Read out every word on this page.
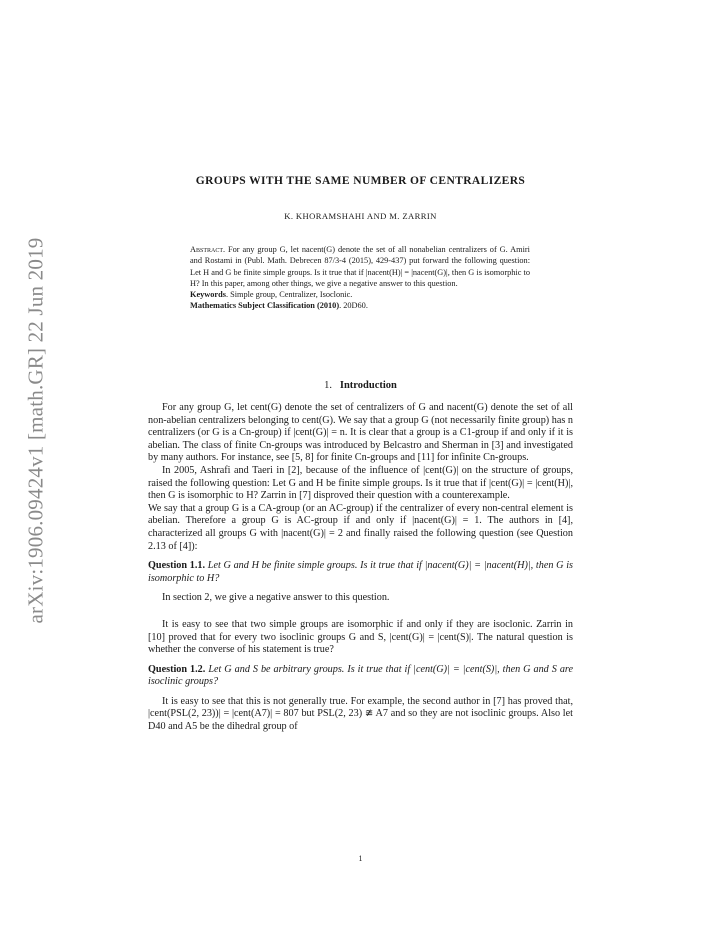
arXiv:1906.09424v1 [math.GR] 22 Jun 2019
GROUPS WITH THE SAME NUMBER OF CENTRALIZERS
K. KHORAMSHAHI AND M. ZARRIN

Abstract. For any group G, let nacent(G) denote the set of all nonabelian centralizers of G. Amiri and Rostami in (Publ. Math. Debrecen 87/3-4 (2015), 429-437) put forward the following question: Let H and G be finite simple groups. Is it true that if |nacent(H)| = |nacent(G)|, then G is isomorphic to H? In this paper, among other things, we give a negative answer to this question.

Keywords. Simple group, Centralizer, Isoclonic.

Mathematics Subject Classification (2010). 20D60.

1. Introduction

For any group G, let cent(G) denote the set of centralizers of G and nacent(G) denote the set of all non-abelian centralizers belonging to cent(G). We say that a group G (not necessarily finite group) has n centralizers (or G is a Cn-group) if |cent(G)| = n. It is clear that a group is a C1-group if and only if it is abelian. The class of finite Cn-groups was introduced by Belcastro and Sherman in [3] and investigated by many authors. For instance, see [5, 8] for finite Cn-groups and [11] for infinite Cn-groups.

In 2005, Ashrafi and Taeri in [2], because of the influence of |cent(G)| on the structure of groups, raised the following question: Let G and H be finite simple groups. Is it true that if |cent(G)| = |cent(H)|, then G is isomorphic to H? Zarrin in [7] disproved their question with a counterexample.

We say that a group G is a CA-group (or an AC-group) if the centralizer of every non-central element is abelian. Therefore a group G is AC-group if and only if |nacent(G)| = 1. The authors in [4], characterized all groups G with |nacent(G)| = 2 and finally raised the following question (see Question 2.13 of [4]):

Question 1.1. Let G and H be finite simple groups. Is it true that if |nacent(G)| = |nacent(H)|, then G is isomorphic to H?

In section 2, we give a negative answer to this question.

It is easy to see that two simple groups are isomorphic if and only if they are isoclonic. Zarrin in [10] proved that for every two isoclinic groups G and S, |cent(G)| = |cent(S)|. The natural question is whether the converse of his statement is true?

Question 1.2. Let G and S be arbitrary groups. Is it true that if |cent(G)| = |cent(S)|, then G and S are isoclinic groups?

It is easy to see that this is not generally true. For example, the second author in [7] has proved that, |cent(PSL(2, 23))| = |cent(A7)| = 807 but PSL(2, 23) ≇ A7 and so they are not isoclinic groups. Also let D40 and A5 be the dihedral group of

1
